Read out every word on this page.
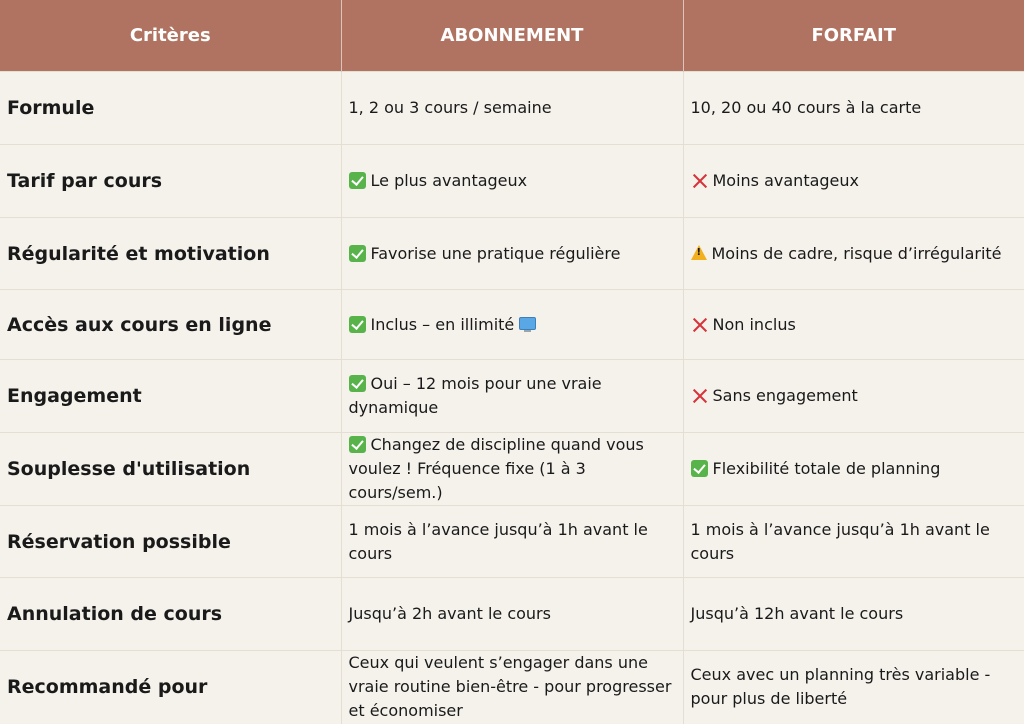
Critères	ABONNEMENT	FORFAIT
Formule	1, 2 ou 3 cours / semaine	10, 20 ou 40 cours à la carte
Tarif par cours	Le plus avantageux	Moins avantageux
Régularité et motivation	Favorise une pratique régulière	!Moins de cadre, risque d’irrégularité
Accès aux cours en ligne	Inclus – en illimité	Non inclus
Engagement	Oui – 12 mois pour une vraie dynamique	Sans engagement
Souplesse d'utilisation	Changez de discipline quand vous voulez ! Fréquence fixe (1 à 3 cours/sem.)	Flexibilité totale de planning
Réservation possible	1 mois à l’avance jusqu’à 1h avant le cours	1 mois à l’avance jusqu’à 1h avant le cours
Annulation de cours	Jusqu’à 2h avant le cours	Jusqu’à 12h avant le cours
Recommandé pour	Ceux qui veulent s’engager dans une vraie routine bien-être - pour progresser et économiser	Ceux avec un planning très variable - pour plus de liberté
